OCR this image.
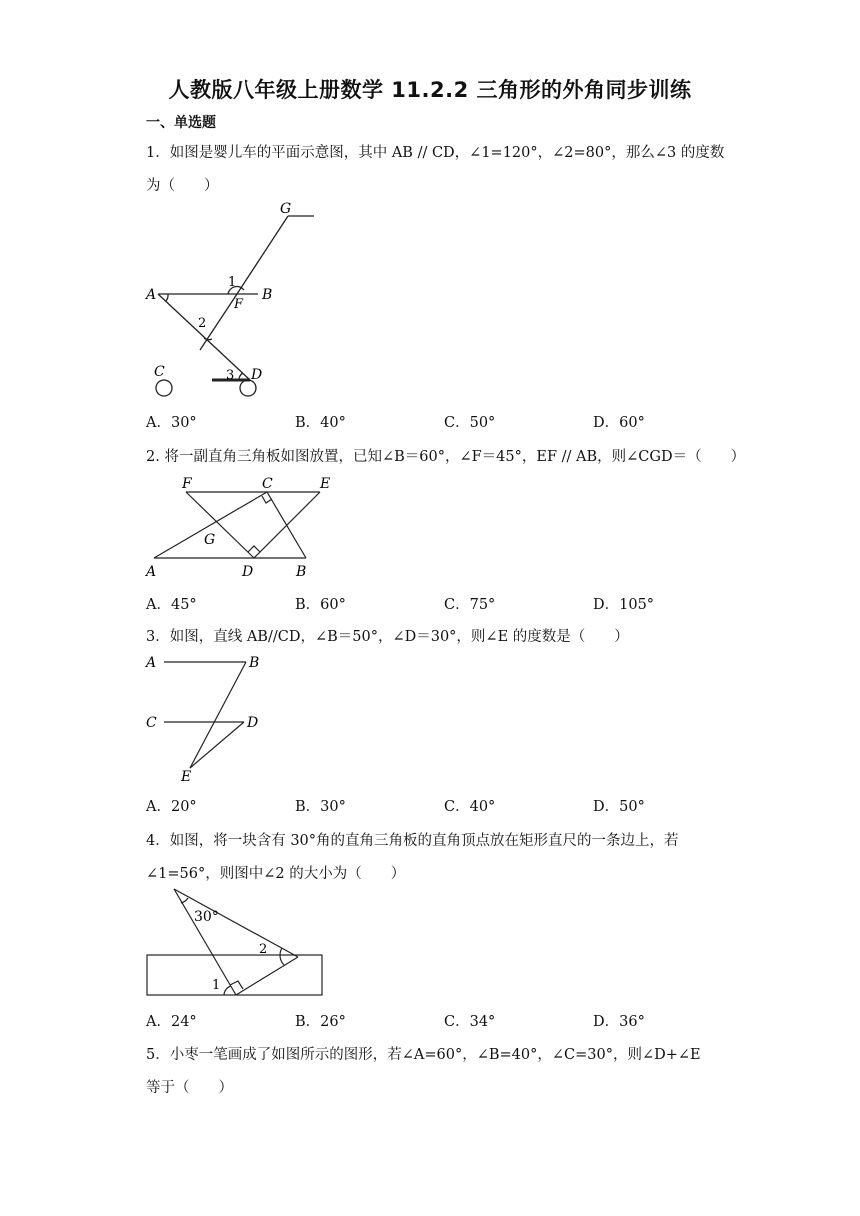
人教版八年级上册数学 11.2.2 三角形的外角同步训练
一、单选题
1．如图是婴儿车的平面示意图，其中 AB // CD，∠1=120°，∠2=80°，那么∠3 的度数
为（　　）
G
A	B
F
1
2
C	3 D
A．30°	B．40°	C．50°	D．60°
2. 将一副直角三角板如图放置，已知∠B＝60°，∠F＝45°，EF // AB，则∠CGD＝（　　）
F	C	E
G
A	D	B
A．45°	B．60°	C．75°	D．105°
3．如图，直线 AB//CD，∠B＝50°，∠D＝30°，则∠E 的度数是（　　）
A	B
C	D
E
A．20°	B．30°	C．40°	D．50°
4．如图，将一块含有 30°角的直角三角板的直角顶点放在矩形直尺的一条边上，若
∠1=56°，则图中∠2 的大小为（　　）
30°
2
1
A．24°	B．26°	C．34°	D．36°
5．小枣一笔画成了如图所示的图形，若∠A=60°，∠B=40°，∠C=30°，则∠D+∠E
等于（　　）
